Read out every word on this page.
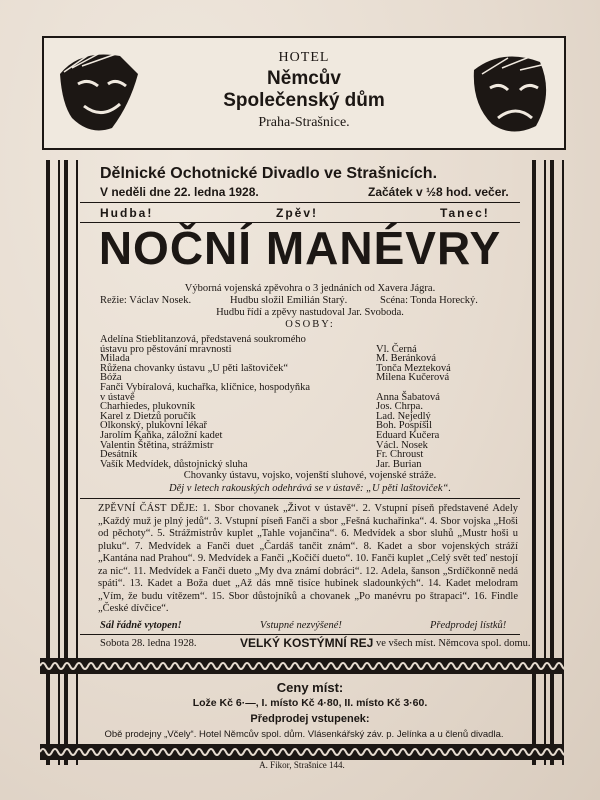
HOTEL
Němcův Společenský dům
Praha-Strašnice.
Dělnické Ochotnické Divadlo ve Strašnicích.
V neděli dne 22. ledna 1928.	Začátek v ½8 hod. večer.
Hudba!	Zpěv!	Tanec!
NOČNÍ MANÉVRY
Výborná vojenská zpěvohra o 3 jednáních od Xavera Jágra.
Režie: Václav Nosek.	Hudbu složil Emilián Starý.	Scéna: Tonda Horecký.
Hudbu řídí a zpěvy nastudoval Jar. Svoboda.
OSOBY:
Adelína Stieblitanzová, představená soukromého
ústavu pro pěstování mravnosti	Vl. Černá
Milada	M. Beránková
Růžena chovanky ústavu „U pěti laštoviček“	Tonča Mezteková
Bóža	Milena Kučerová
Fanči Vybíralová, kuchařka, klíčnice, hospodyňka
v ústavě	Anna Šabatová
Charhiedes, plukovník	Jos. Chrpa.
Karel z Dietzů poručík	Lad. Nejedlý
Olkonský, plukovní lékař	Boh. Pospíšil
Jarolím Kaňka, záložní kadet	Eduard Kučera
Valentin Štětina, strážmistr	Václ. Nosek
Desátník	Fr. Chroust
Vašík Medvídek, důstojnický sluha	Jar. Burian
Chovanky ústavu, vojsko, vojenští sluhové, vojenské stráže.
Děj v letech rakouských odehrává se v ústavě: „U pěti laštoviček“.
ZPĚVNÍ ČÁST DĚJE: 1. Sbor chovanek „Život v ústavě“. 2. Vstupní píseň představené Adely „Každý muž je plný jedů“. 3. Vstupní píseň Fanči a sbor „Fešná kuchařinka“. 4. Sbor vojska „Hoši od pěchoty“. 5. Strážmistrův kuplet „Tahle vojančina“. 6. Medvídek a sbor sluhů „Mustr hoši u pluku“. 7. Medvídek a Fanči duet „Čardáš tančit znám“. 8. Kadet a sbor vojenských stráží „Kantána nad Prahou“. 9. Medvídek a Fanči „Kočičí dueto“. 10. Fanči kuplet „Celý svět teď nestojí za nic“. 11. Medvídek a Fanči dueto „My dva známí dobráci“. 12. Adela, šanson „Srdíčkonně nedá spáti“. 13. Kadet a Boža duet „Až dás mně tisíce hubinek sladounkých“. 14. Kadet melodram „Vím, že budu vítězem“. 15. Sbor důstojníků a chovanek „Po manévru po štrapaci“. 16. Findle „České dívčice“.
Sál řádně vytopen!	Vstupné nezvýšené!	Předprodej lístků!
Sobota 28. ledna 1928.	VELKÝ KOSTÝMNÍ REJ ve všech míst. Němcova spol. domu.
Ceny míst:
Lože Kč 6·—, I. místo Kč 4·80, II. místo Kč 3·60.
Předprodej vstupenek:
Obě prodejny „Včely“. Hotel Němcův spol. dům. Vlásenkářský záv. p. Jelínka a u členů divadla.
A. Fikor, Strašnice 144.
